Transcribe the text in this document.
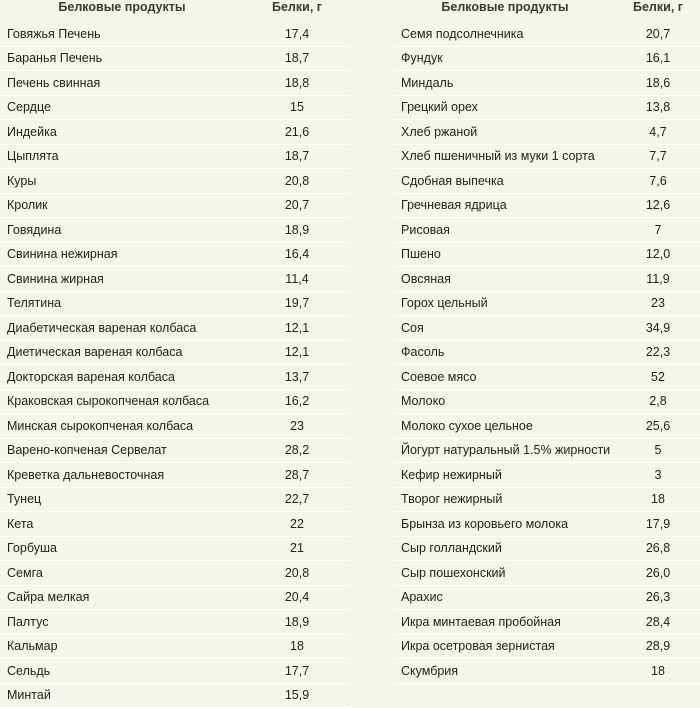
Белковые продукты	Белки, г
Говяжья Печень	17,4
Баранья Печень	18,7
Печень свинная	18,8
Сердце	15
Индейка	21,6
Цыплята	18,7
Куры	20,8
Кролик	20,7
Говядина	18,9
Свинина нежирная	16,4
Свинина жирная	11,4
Телятина	19,7
Диабетическая вареная колбаса	12,1
Диетическая вареная колбаса	12,1
Докторская вареная колбаса	13,7
Краковская сырокопченая колбаса	16,2
Минская сырокопченая колбаса	23
Варено-копченая Сервелат	28,2
Креветка дальневосточная	28,7
Тунец	22,7
Кета	22
Горбуша	21
Семга	20,8
Сайра мелкая	20,4
Палтус	18,9
Кальмар	18
Сельдь	17,7
Минтай	15,9
Белковые продукты	Белки, г
Семя подсолнечника	20,7
Фундук	16,1
Миндаль	18,6
Грецкий орех	13,8
Хлеб ржаной	4,7
Хлеб пшеничный из муки 1 сорта	7,7
Сдобная выпечка	7,6
Гречневая ядрица	12,6
Рисовая	7
Пшено	12,0
Овсяная	11,9
Горох цельный	23
Соя	34,9
Фасоль	22,3
Соевое мясо	52
Молоко	2,8
Молоко сухое цельное	25,6
Йогурт натуральный 1.5% жирности	5
Кефир нежирный	3
Творог нежирный	18
Брынза из коровьего молока	17,9
Сыр голландский	26,8
Сыр пошехонский	26,0
Арахис	26,3
Икра минтаевая пробойная	28,4
Икра осетровая зернистая	28,9
Скумбрия	18
